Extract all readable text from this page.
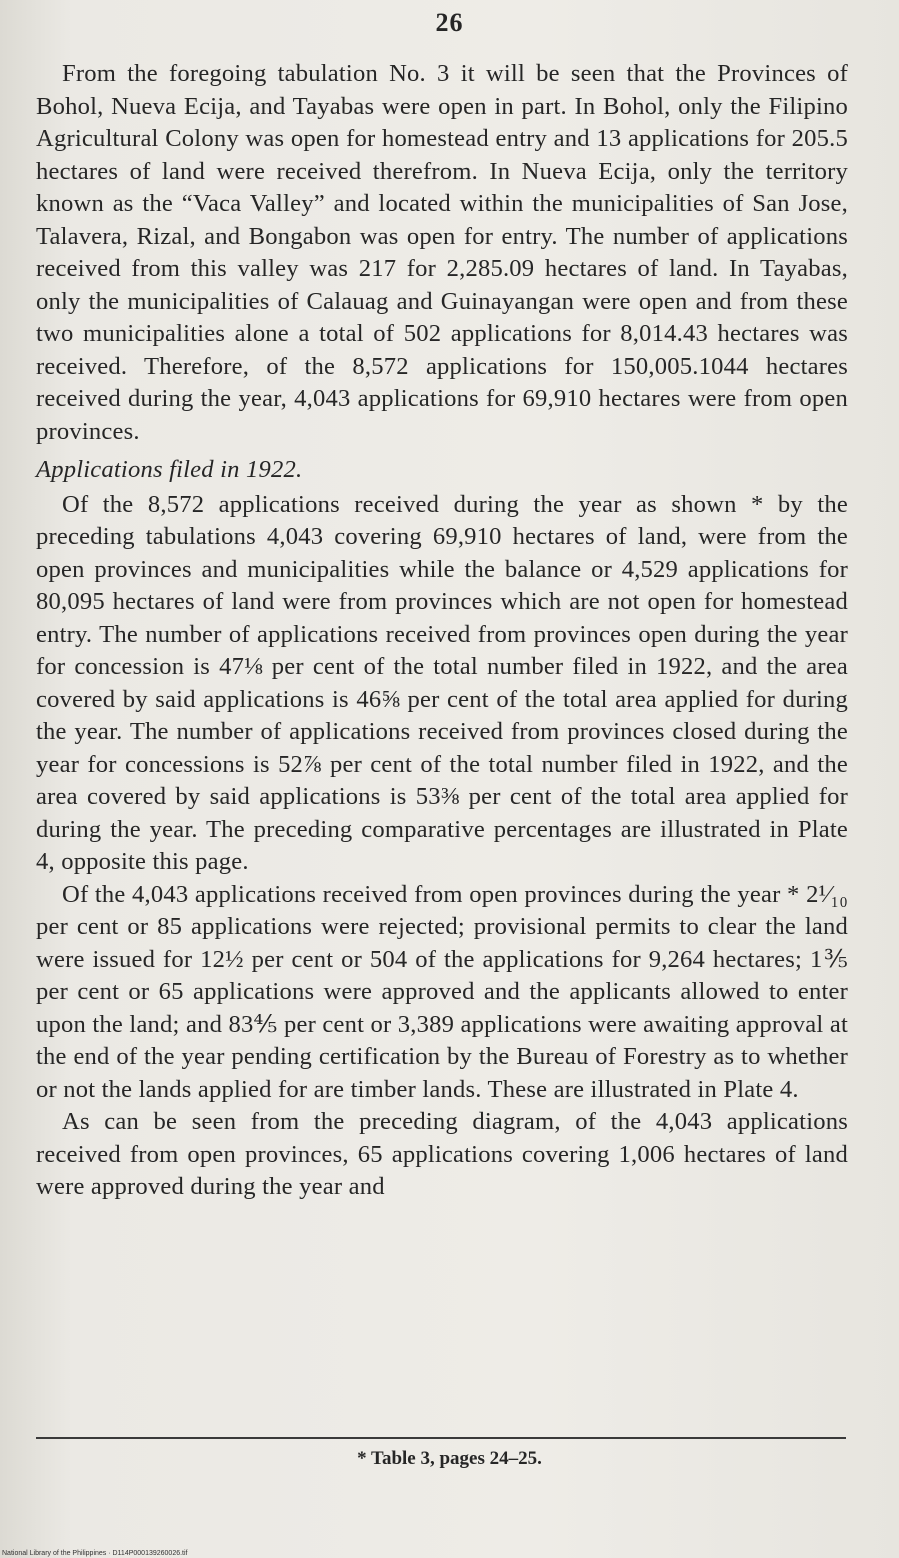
26

From the foregoing tabulation No. 3 it will be seen that the Provinces of Bohol, Nueva Ecija, and Tayabas were open in part. In Bohol, only the Filipino Agricultural Colony was open for homestead entry and 13 applications for 205.5 hectares of land were received therefrom. In Nueva Ecija, only the territory known as the “Vaca Valley” and located within the municipalities of San Jose, Talavera, Rizal, and Bongabon was open for entry. The number of applications received from this valley was 217 for 2,285.09 hectares of land. In Tayabas, only the municipalities of Calauag and Guinayangan were open and from these two municipalities alone a total of 502 applications for 8,014.43 hectares was received. Therefore, of the 8,572 applications for 150,005.1044 hectares received during the year, 4,043 applications for 69,910 hectares were from open provinces.

Applications filed in 1922.

Of the 8,572 applications received during the year as shown * by the preceding tabulations 4,043 covering 69,910 hectares of land, were from the open provinces and municipalities while the balance or 4,529 applications for 80,095 hectares of land were from provinces which are not open for homestead entry. The number of applications received from provinces open during the year for concession is 47⅛ per cent of the total number filed in 1922, and the area covered by said applications is 46⅝ per cent of the total area applied for during the year. The number of applications received from provinces closed during the year for concessions is 52⅞ per cent of the total number filed in 1922, and the area covered by said applications is 53⅜ per cent of the total area applied for during the year. The preceding comparative percentages are illustrated in Plate 4, opposite this page.

Of the 4,043 applications received from open provinces during the year * 2¹⁄₁₀ per cent or 85 applications were rejected; provisional permits to clear the land were issued for 12½ per cent or 504 of the applications for 9,264 hectares; 1⅗ per cent or 65 applications were approved and the applicants allowed to enter upon the land; and 83⅘ per cent or 3,389 applications were awaiting approval at the end of the year pending certification by the Bureau of Forestry as to whether or not the lands applied for are timber lands. These are illustrated in Plate 4.

As can be seen from the preceding diagram, of the 4,043 applications received from open provinces, 65 applications covering 1,006 hectares of land were approved during the year and

* Table 3, pages 24–25.
National Library of the Philippines · D114P000139260026.tif
